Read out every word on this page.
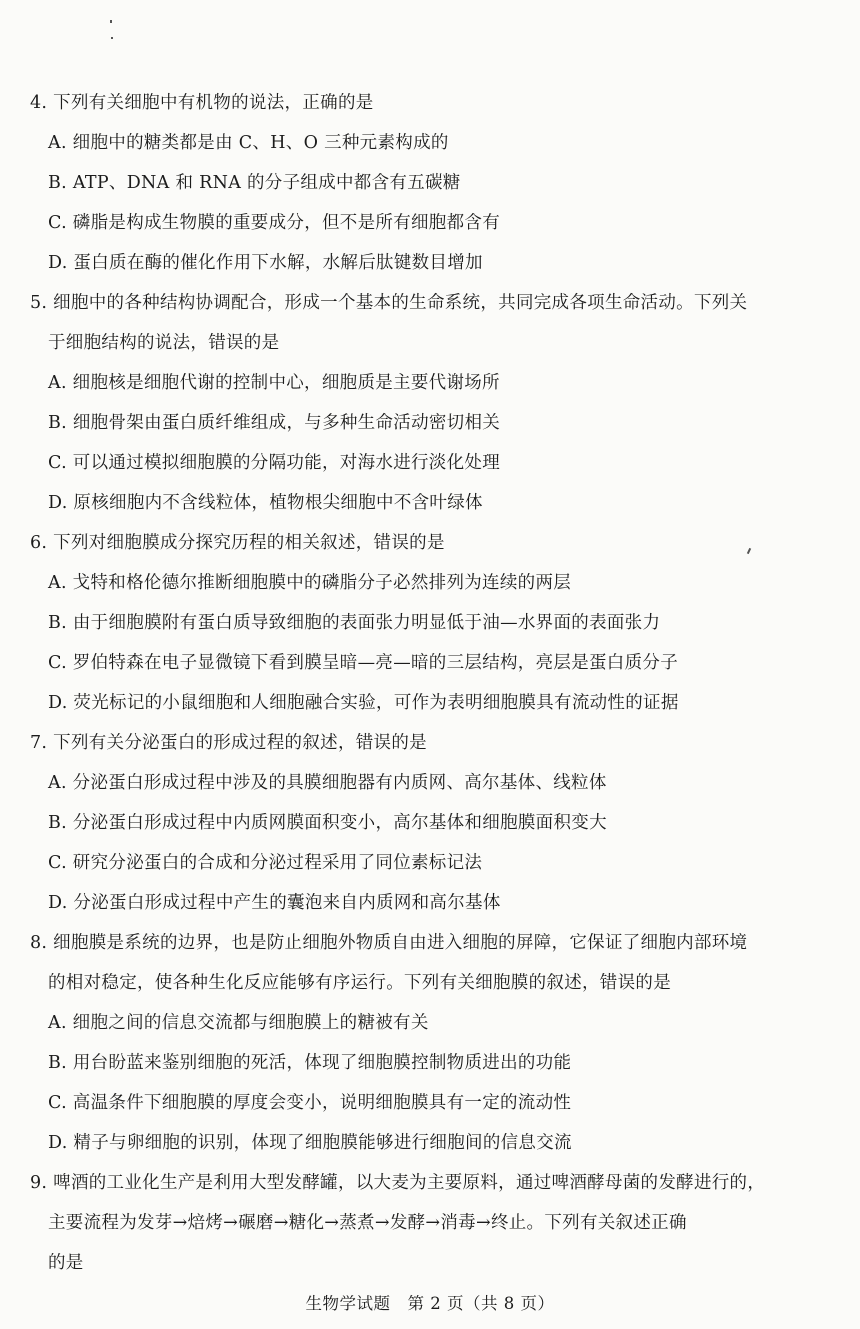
4. 下列有关细胞中有机物的说法，正确的是
A. 细胞中的糖类都是由 C、H、O 三种元素构成的
B. ATP、DNA 和 RNA 的分子组成中都含有五碳糖
C. 磷脂是构成生物膜的重要成分，但不是所有细胞都含有
D. 蛋白质在酶的催化作用下水解，水解后肽键数目增加
5. 细胞中的各种结构协调配合，形成一个基本的生命系统，共同完成各项生命活动。下列关
于细胞结构的说法，错误的是
A. 细胞核是细胞代谢的控制中心，细胞质是主要代谢场所
B. 细胞骨架由蛋白质纤维组成，与多种生命活动密切相关
C. 可以通过模拟细胞膜的分隔功能，对海水进行淡化处理
D. 原核细胞内不含线粒体，植物根尖细胞中不含叶绿体
6. 下列对细胞膜成分探究历程的相关叙述，错误的是
A. 戈特和格伦德尔推断细胞膜中的磷脂分子必然排列为连续的两层
B. 由于细胞膜附有蛋白质导致细胞的表面张力明显低于油—水界面的表面张力
C. 罗伯特森在电子显微镜下看到膜呈暗—亮—暗的三层结构，亮层是蛋白质分子
D. 荧光标记的小鼠细胞和人细胞融合实验，可作为表明细胞膜具有流动性的证据
7. 下列有关分泌蛋白的形成过程的叙述，错误的是
A. 分泌蛋白形成过程中涉及的具膜细胞器有内质网、高尔基体、线粒体
B. 分泌蛋白形成过程中内质网膜面积变小，高尔基体和细胞膜面积变大
C. 研究分泌蛋白的合成和分泌过程采用了同位素标记法
D. 分泌蛋白形成过程中产生的囊泡来自内质网和高尔基体
8. 细胞膜是系统的边界，也是防止细胞外物质自由进入细胞的屏障，它保证了细胞内部环境
的相对稳定，使各种生化反应能够有序运行。下列有关细胞膜的叙述，错误的是
A. 细胞之间的信息交流都与细胞膜上的糖被有关
B. 用台盼蓝来鉴别细胞的死活，体现了细胞膜控制物质进出的功能
C. 高温条件下细胞膜的厚度会变小，说明细胞膜具有一定的流动性
D. 精子与卵细胞的识别，体现了细胞膜能够进行细胞间的信息交流
9. 啤酒的工业化生产是利用大型发酵罐，以大麦为主要原料，通过啤酒酵母菌的发酵进行的，
主要流程为发芽→焙烤→碾磨→糖化→蒸煮→发酵→消毒→终止。下列有关叙述正确
的是
生物学试题　第 2 页（共 8 页）
